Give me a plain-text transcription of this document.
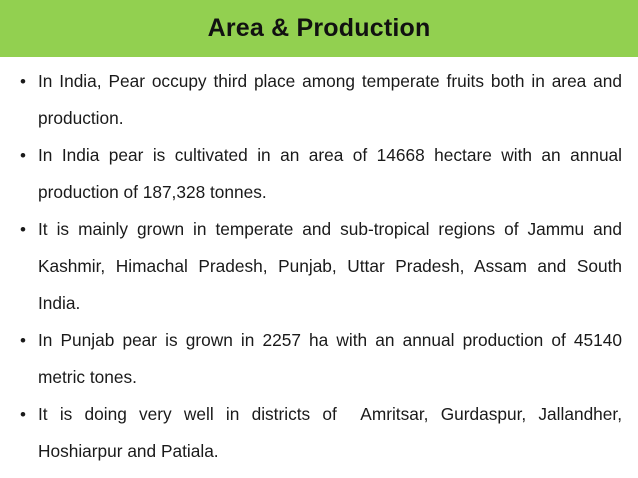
Area & Production
• In India, Pear occupy third place among temperate fruits both in area and production.
• In India pear is cultivated in an area of 14668 hectare with an annual   production of 187,328 tonnes.
• It is mainly grown in temperate and sub-tropical regions of Jammu and Kashmir, Himachal Pradesh, Punjab, Uttar Pradesh, Assam and South India.
• In Punjab pear is grown in 2257 ha with an annual production of 45140 metric tones.
• It is doing very well in districts of  Amritsar, Gurdaspur, Jallandher, Hoshiarpur and Patiala.
